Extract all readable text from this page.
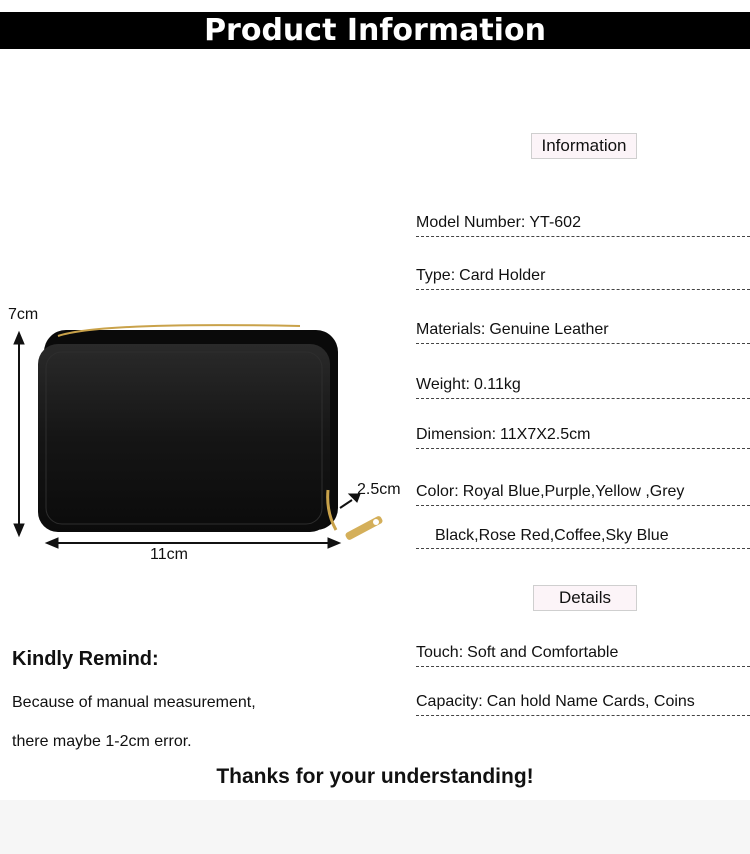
Product Information
7cm
11cm
2.5cm
Information
Model Number: YT-602
Type: Card Holder
Materials: Genuine Leather
Weight: 0.11kg
Dimension: 11X7X2.5cm
Color: Royal Blue,Purple,Yellow ,Grey
Black,Rose Red,Coffee,Sky Blue
Details
Touch: Soft and Comfortable
Capacity: Can hold Name Cards, Coins
Kindly Remind:
Because of manual measurement,
there maybe 1-2cm error.
Thanks for your understanding!
